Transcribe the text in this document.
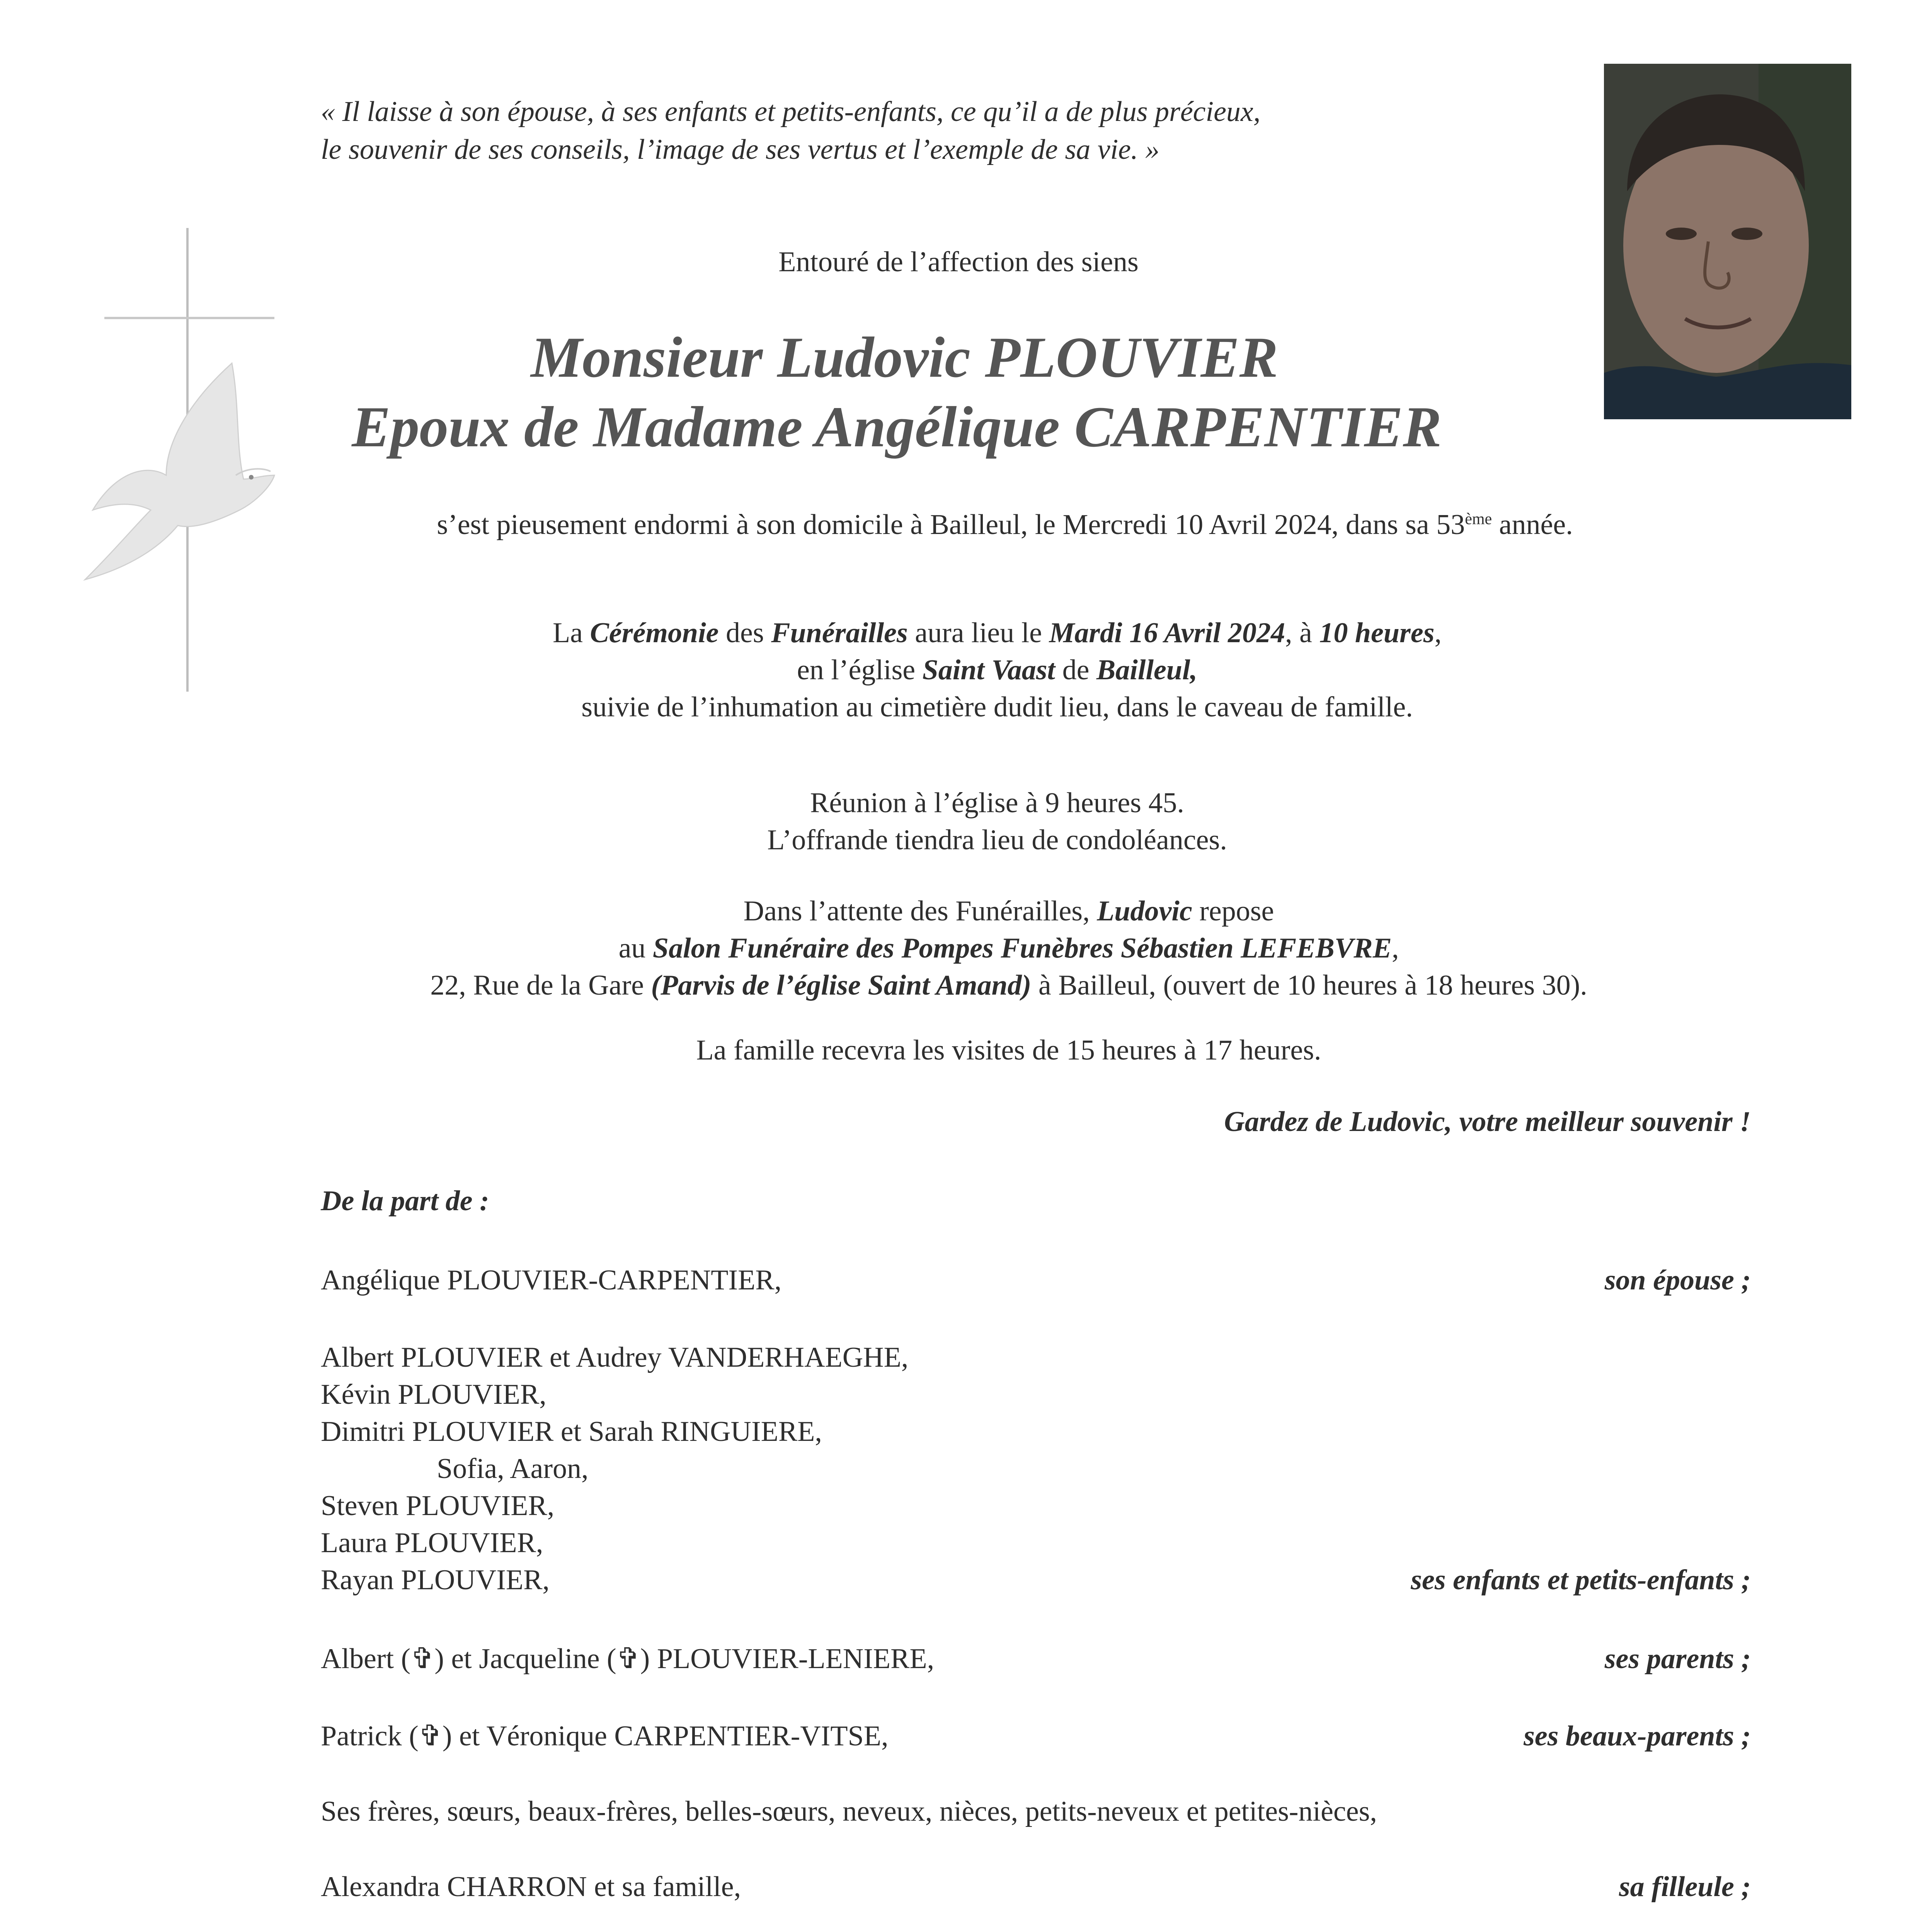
« Il laisse à son épouse, à ses enfants et petits-enfants, ce qu’il a de plus précieux,
le souvenir de ses conseils, l’image de ses vertus et l’exemple de sa vie. »
Entouré de l’affection des siens
Monsieur Ludovic PLOUVIER
Epoux de Madame Angélique CARPENTIER
s’est pieusement endormi à son domicile à Bailleul, le Mercredi 10 Avril 2024, dans sa 53ème année.
La Cérémonie des Funérailles aura lieu le Mardi 16 Avril 2024, à 10 heures,
en l’église Saint Vaast de Bailleul,
suivie de l’inhumation au cimetière dudit lieu, dans le caveau de famille.
Réunion à l’église à 9 heures 45.
L’offrande tiendra lieu de condoléances.
Dans l’attente des Funérailles, Ludovic repose
au Salon Funéraire des Pompes Funèbres Sébastien LEFEBVRE,
22, Rue de la Gare (Parvis de l’église Saint Amand) à Bailleul, (ouvert de 10 heures à 18 heures 30).
La famille recevra les visites de 15 heures à 17 heures.
Gardez de Ludovic, votre meilleur souvenir !
De la part de :
Angélique PLOUVIER-CARPENTIER,	son épouse ;
Albert PLOUVIER et Audrey VANDERHAEGHE,
Kévin PLOUVIER,
Dimitri PLOUVIER et Sarah RINGUIERE,
Sofia, Aaron,
Steven PLOUVIER,
Laura PLOUVIER,
Rayan PLOUVIER,	ses enfants et petits-enfants ;
Albert (✞) et Jacqueline (✞) PLOUVIER-LENIERE,	ses parents ;
Patrick (✞) et Véronique CARPENTIER-VITSE,	ses beaux-parents ;
Ses frères, sœurs, beaux-frères, belles-sœurs, neveux, nièces, petits-neveux et petites-nièces,
Alexandra CHARRON et sa famille,	sa filleule ;
